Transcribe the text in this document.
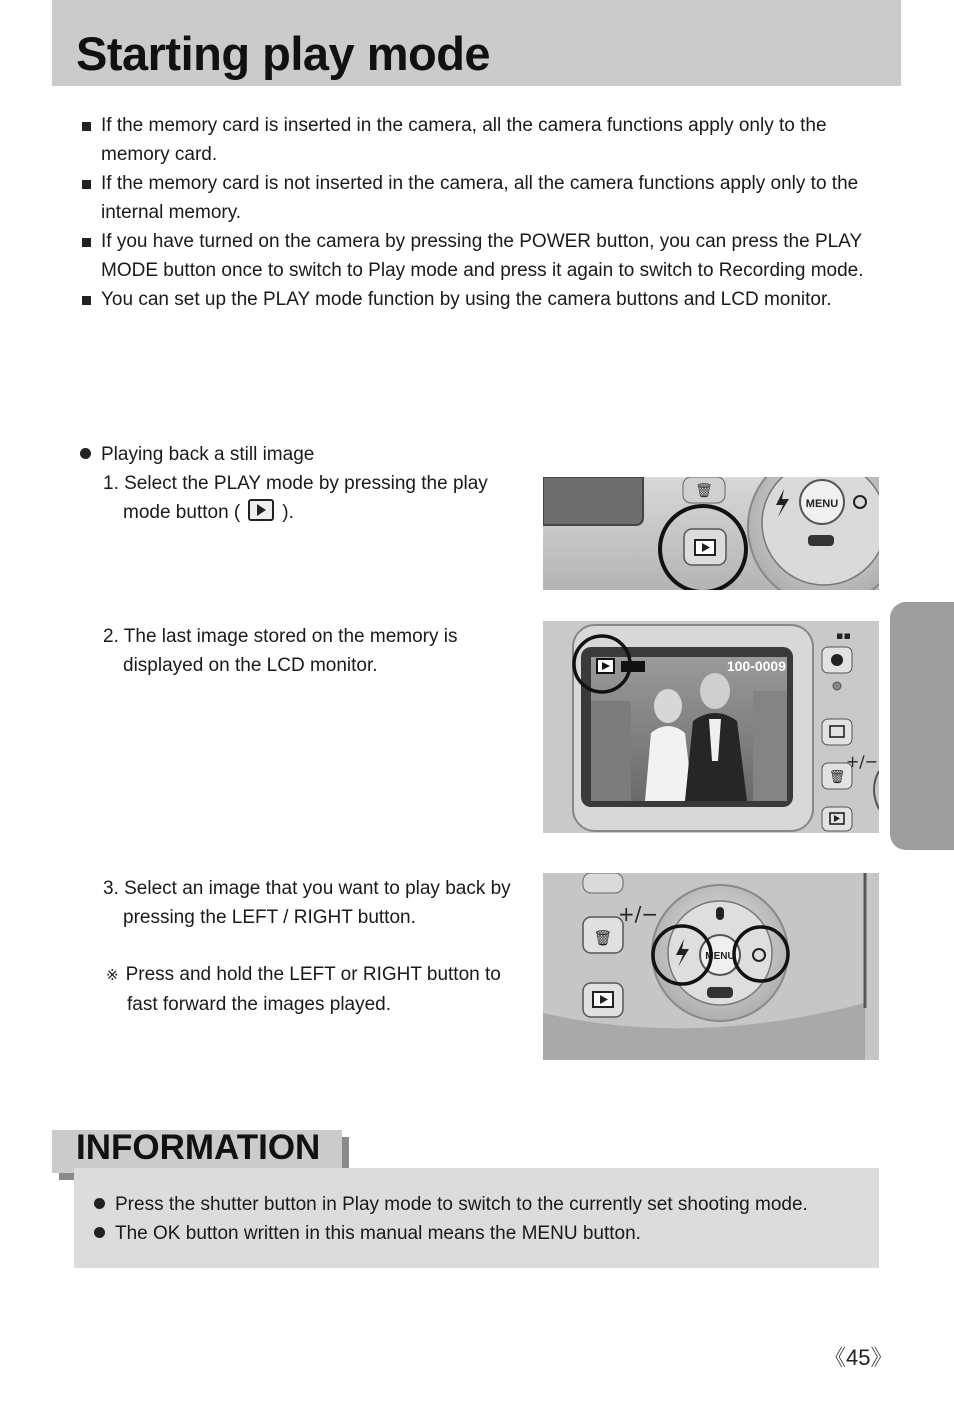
Starting play mode
If the memory card is inserted in the camera, all the camera functions apply only to the memory card.
If the memory card is not inserted in the camera, all the camera functions apply only to the internal memory.
If you have turned on the camera by pressing the POWER button, you can press the PLAY MODE button once to switch to Play mode and press it again to switch to Recording mode.
You can set up the PLAY mode function by using the camera buttons and LCD monitor.
Playing back a still image
1. Select the PLAY mode by pressing the play
mode button ( ).
2. The last image stored on the memory is
displayed on the LCD monitor.
3. Select an image that you want to play back by
pressing the LEFT / RIGHT button.
※ Press and hold the LEFT or RIGHT button to
fast forward the images played.
🗑
MENU
100-0009
▪▪
🗑
+/−
🗑
+/−
MENU
INFORMATION
Press the shutter button in Play mode to switch to the currently set shooting mode.
The OK button written in this manual means the MENU button.
《45》
